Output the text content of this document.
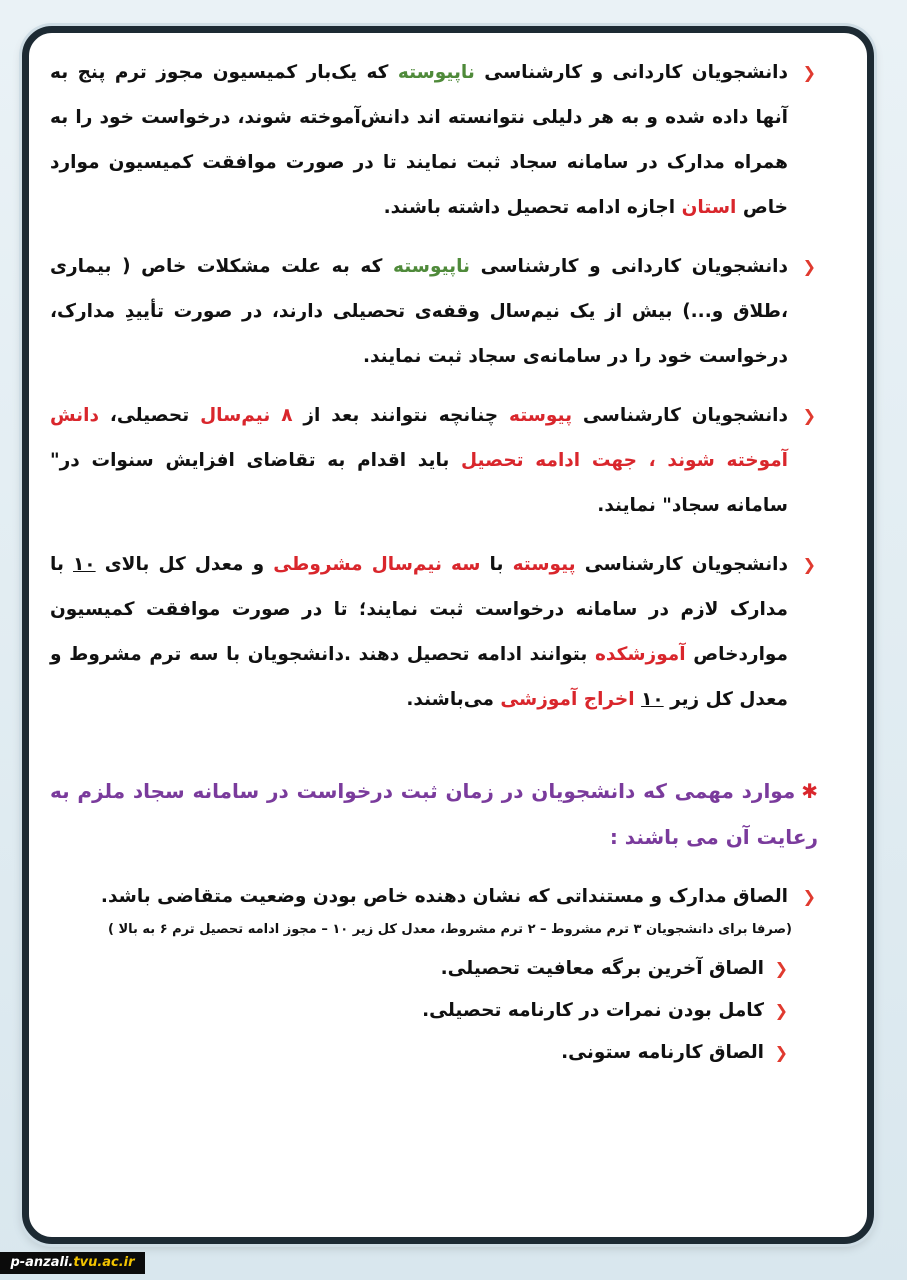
❮
دانشجویان کاردانی و کارشناسی ناپیوسته که یک‌بار کمیسیون مجوز ترم پنج به آنها داده شده و به هر دلیلی نتوانسته اند دانش‌آموخته شوند، درخواست خود را به همراه مدارک در سامانه سجاد ثبت نمایند تا در صورت موافقت کمیسیون موارد خاص استان اجازه ادامه تحصیل داشته باشند.
❮
دانشجویان کاردانی و کارشناسی ناپیوسته که به علت مشکلات خاص ( بیماری ،طلاق و...) بیش از یک نیم‌سال وقفه‌ی تحصیلی دارند، در صورت تأییدِ مدارک، درخواست خود را در سامانه‌ی سجاد ثبت نمایند.
❮
دانشجویان کارشناسی پیوسته چنانچه نتوانند بعد از ۸ نیم‌سال تحصیلی، دانش آموخته شوند ، جهت ادامه تحصیل باید اقدام به تقاضای افزایش سنوات در" سامانه سجاد" نمایند.
❮
دانشجویان کارشناسی پیوسته با سه نیم‌سال مشروطی و معدل کل بالای ۱۰ با مدارک لازم در سامانه درخواست ثبت نمایند؛ تا در صورت موافقت کمیسیون مواردخاص آموزشکده بتوانند ادامه تحصیل دهند .دانشجویان با سه ترم مشروط و معدل کل زیر ۱۰ اخراج آموزشی می‌باشند.
✱موارد مهمی که دانشجویان در زمان ثبت درخواست در سامانه سجاد ملزم به رعایت آن می باشند :
❮
الصاق مدارک و مستنداتی که نشان دهنده خاص بودن وضعیت متقاضی باشد.
(صرفا برای دانشجویان ۳ ترم مشروط – ۲ ترم مشروط، معدل کل زیر ۱۰ – مجوز ادامه تحصیل ترم ۶ به بالا )
❮
الصاق آخرین برگه معافیت تحصیلی.
❮
کامل بودن نمرات در کارنامه تحصیلی.
❮
الصاق کارنامه ستونی.
p-anzali.tvu.ac.ir
